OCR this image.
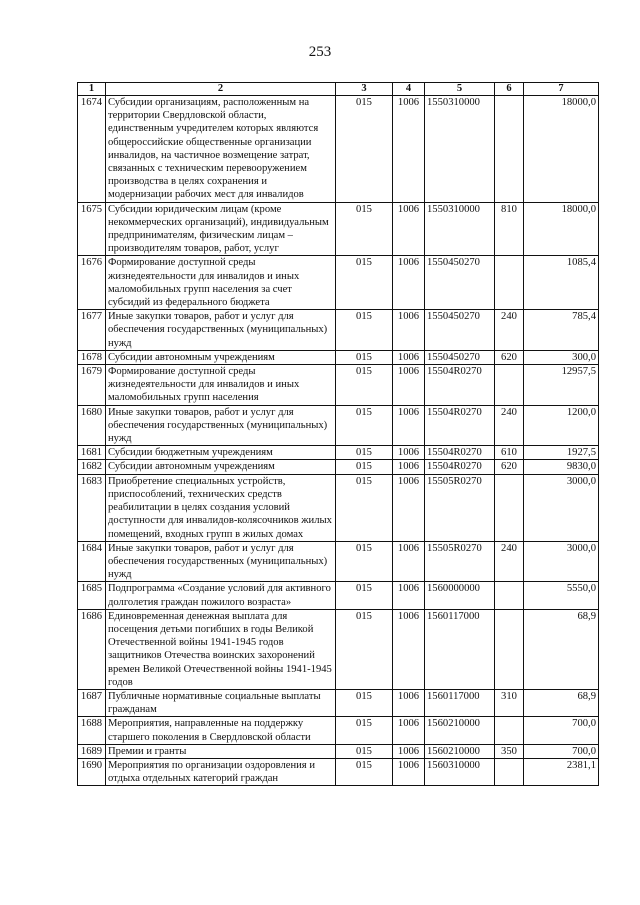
253
1	2	3	4	5	6	7
1674	Субсидии организациям, расположенным на территории Свердловской области, единственным учредителем которых являются общероссийские общественные организации инвалидов, на частичное возмещение затрат, связанных с техническим перевооружением производства в целях сохранения и модернизации рабочих мест для инвалидов	015	1006	1550310000		18000,0
1675	Субсидии юридическим лицам (кроме некоммерческих организаций), индивидуальным предпринимателям, физическим лицам – производителям товаров, работ, услуг	015	1006	1550310000	810	18000,0
1676	Формирование доступной среды жизнедеятельности для инвалидов и иных маломобильных групп населения за счет субсидий из федерального бюджета	015	1006	1550450270		1085,4
1677	Иные закупки товаров, работ и услуг для обеспечения государственных (муниципальных) нужд	015	1006	1550450270	240	785,4
1678	Субсидии автономным учреждениям	015	1006	1550450270	620	300,0
1679	Формирование доступной среды жизнедеятельности для инвалидов и иных маломобильных групп населения	015	1006	15504R0270		12957,5
1680	Иные закупки товаров, работ и услуг для обеспечения государственных (муниципальных) нужд	015	1006	15504R0270	240	1200,0
1681	Субсидии бюджетным учреждениям	015	1006	15504R0270	610	1927,5
1682	Субсидии автономным учреждениям	015	1006	15504R0270	620	9830,0
1683	Приобретение специальных устройств, приспособлений, технических средств реабилитации в целях создания условий доступности для инвалидов-колясочников жилых помещений, входных групп в жилых домах	015	1006	15505R0270		3000,0
1684	Иные закупки товаров, работ и услуг для обеспечения государственных (муниципальных) нужд	015	1006	15505R0270	240	3000,0
1685	Подпрограмма «Создание условий для активного долголетия граждан пожилого возраста»	015	1006	1560000000		5550,0
1686	Единовременная денежная выплата для посещения детьми погибших в годы Великой Отечественной войны 1941-1945 годов защитников Отечества воинских захоронений времен Великой Отечественной войны 1941-1945 годов	015	1006	1560117000		68,9
1687	Публичные нормативные социальные выплаты гражданам	015	1006	1560117000	310	68,9
1688	Мероприятия, направленные на поддержку старшего поколения в Свердловской области	015	1006	1560210000		700,0
1689	Премии и гранты	015	1006	1560210000	350	700,0
1690	Мероприятия по организации оздоровления и отдыха отдельных категорий граждан	015	1006	1560310000		2381,1
